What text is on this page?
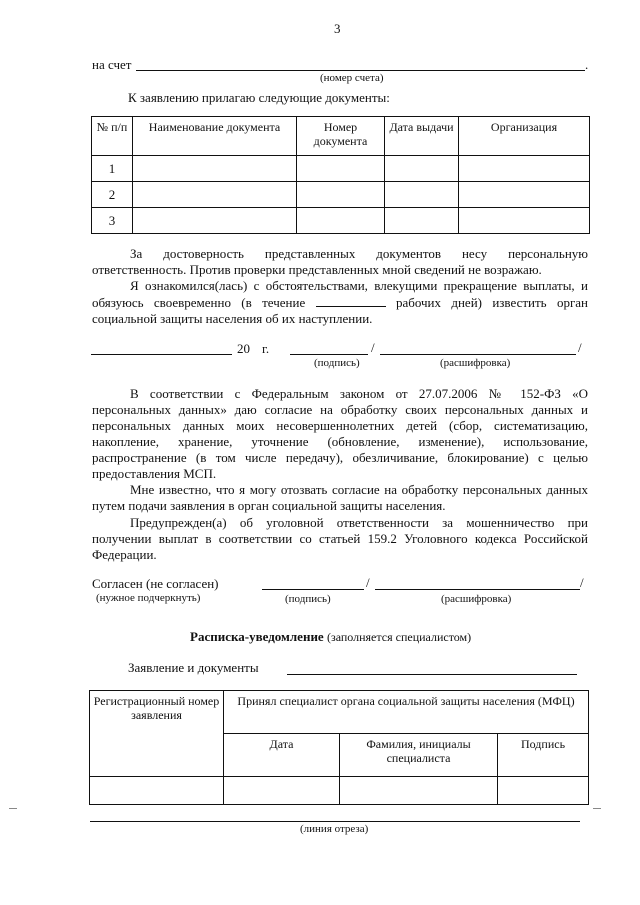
3
на счет	.
(номер счета)
К заявлению прилагаю следующие документы:
№ п/п	Наименование документа	Номер документа	Дата выдачи	Организация
1				
2				
3				
За достоверность представленных документов несу персональную ответственность. Против проверки представленных мной сведений не возражаю.
Я ознакомился(лась) с обстоятельствами, влекущими прекращение выплаты, и обязуюсь своевременно (в течение	рабочих дней) известить орган социальной защиты населения об их наступлении.
20 г.	/	/
(подпись)	(расшифровка)
В соответствии с Федеральным законом от 27.07.2006 № 152-ФЗ «О персональных данных» даю согласие на обработку своих персональных данных и персональных данных моих несовершеннолетних детей (сбор, систематизацию, накопление, хранение, уточнение (обновление, изменение), использование, распространение (в том числе передачу), обезличивание, блокирование) с целью предоставления МСП.
Мне известно, что я могу отозвать согласие на обработку персональных данных путем подачи заявления в орган социальной защиты населения.
Предупрежден(а) об уголовной ответственности за мошенничество при получении выплат в соответствии со статьей 159.2 Уголовного кодекса Российской Федерации.
Согласен (не согласен)
(нужное подчеркнуть)
/	/
(подпись)	(расшифровка)
Расписка-уведомление (заполняется специалистом)
Заявление и документы
Регистрационный номер заявления	Принял специалист органа социальной защиты населения (МФЦ)		
	Дата	Фамилия, инициалы специалиста	Подпись

(линия отреза)
